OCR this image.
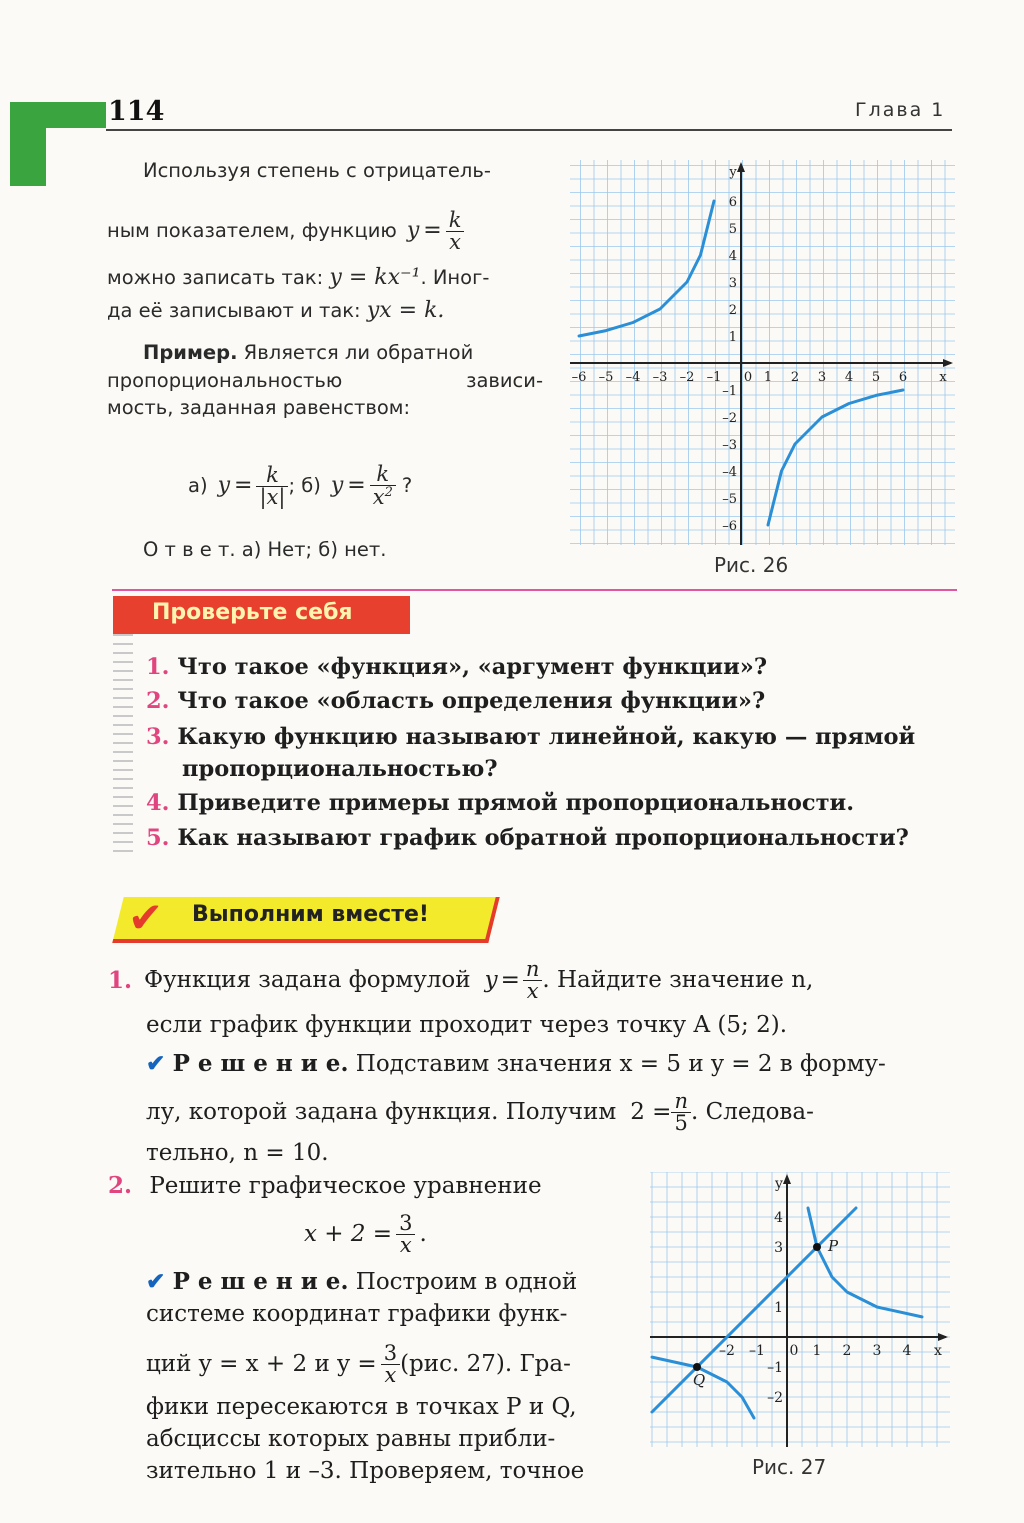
114	Глава 1
Используя степень с отрицатель-
ным показателем, функцию $y = \frac{k}{x}$
можно записать так: y = kx⁻¹. Иног-
да её записывают и так: yx = k.
Пример. Является ли обратной
пропорциональностью зависи-
мость, заданная равенством:
а) $y = \frac{k}{|x|}$ ; б) $y = \frac{k}{x^2}$ ?
О т в е т. а) Нет; б) нет.
–6 –5 –4 –3 –2 –1 0 1 2 3 4 5 6
6
5
4
3
2
1
–1
–2
–3
–4
–5
–6
x
y
Рис. 26
Проверьте себя
1. Что такое «функция», «аргумент функции»?
2. Что такое «область определения функции»?
3. Какую функцию называют линейной, какую — прямой
пропорциональностью?
4. Приведите примеры прямой пропорциональности.
5. Как называют график обратной пропорциональности?
✔ Выполним вместе!
1. Функция задана формулой $y = \frac{n}{x}$ . Найдите значение n,
если график функции проходит через точку A (5; 2).
✔ Р е ш е н и е. Подставим значения x = 5 и y = 2 в форму-
лу, которой задана функция. Получим $2 = \frac{n}{5}$ . Следова-
тельно, n = 10.
2. Решите графическое уравнение
$x + 2 = \frac{3}{x}$ .
✔ Р е ш е н и е. Построим в одной
системе координат графики функ-
ций y = x + 2 и $y = \frac{3}{x} (рис$. 27). Гра-
фики пересекаются в точках P и Q,
абсциссы которых равны прибли-
зительно 1 и –3. Проверяем, точное
–2 –1 0 1 2 3 4
4
3
1
–1
–2
x
y
P
Q
Рис. 27
